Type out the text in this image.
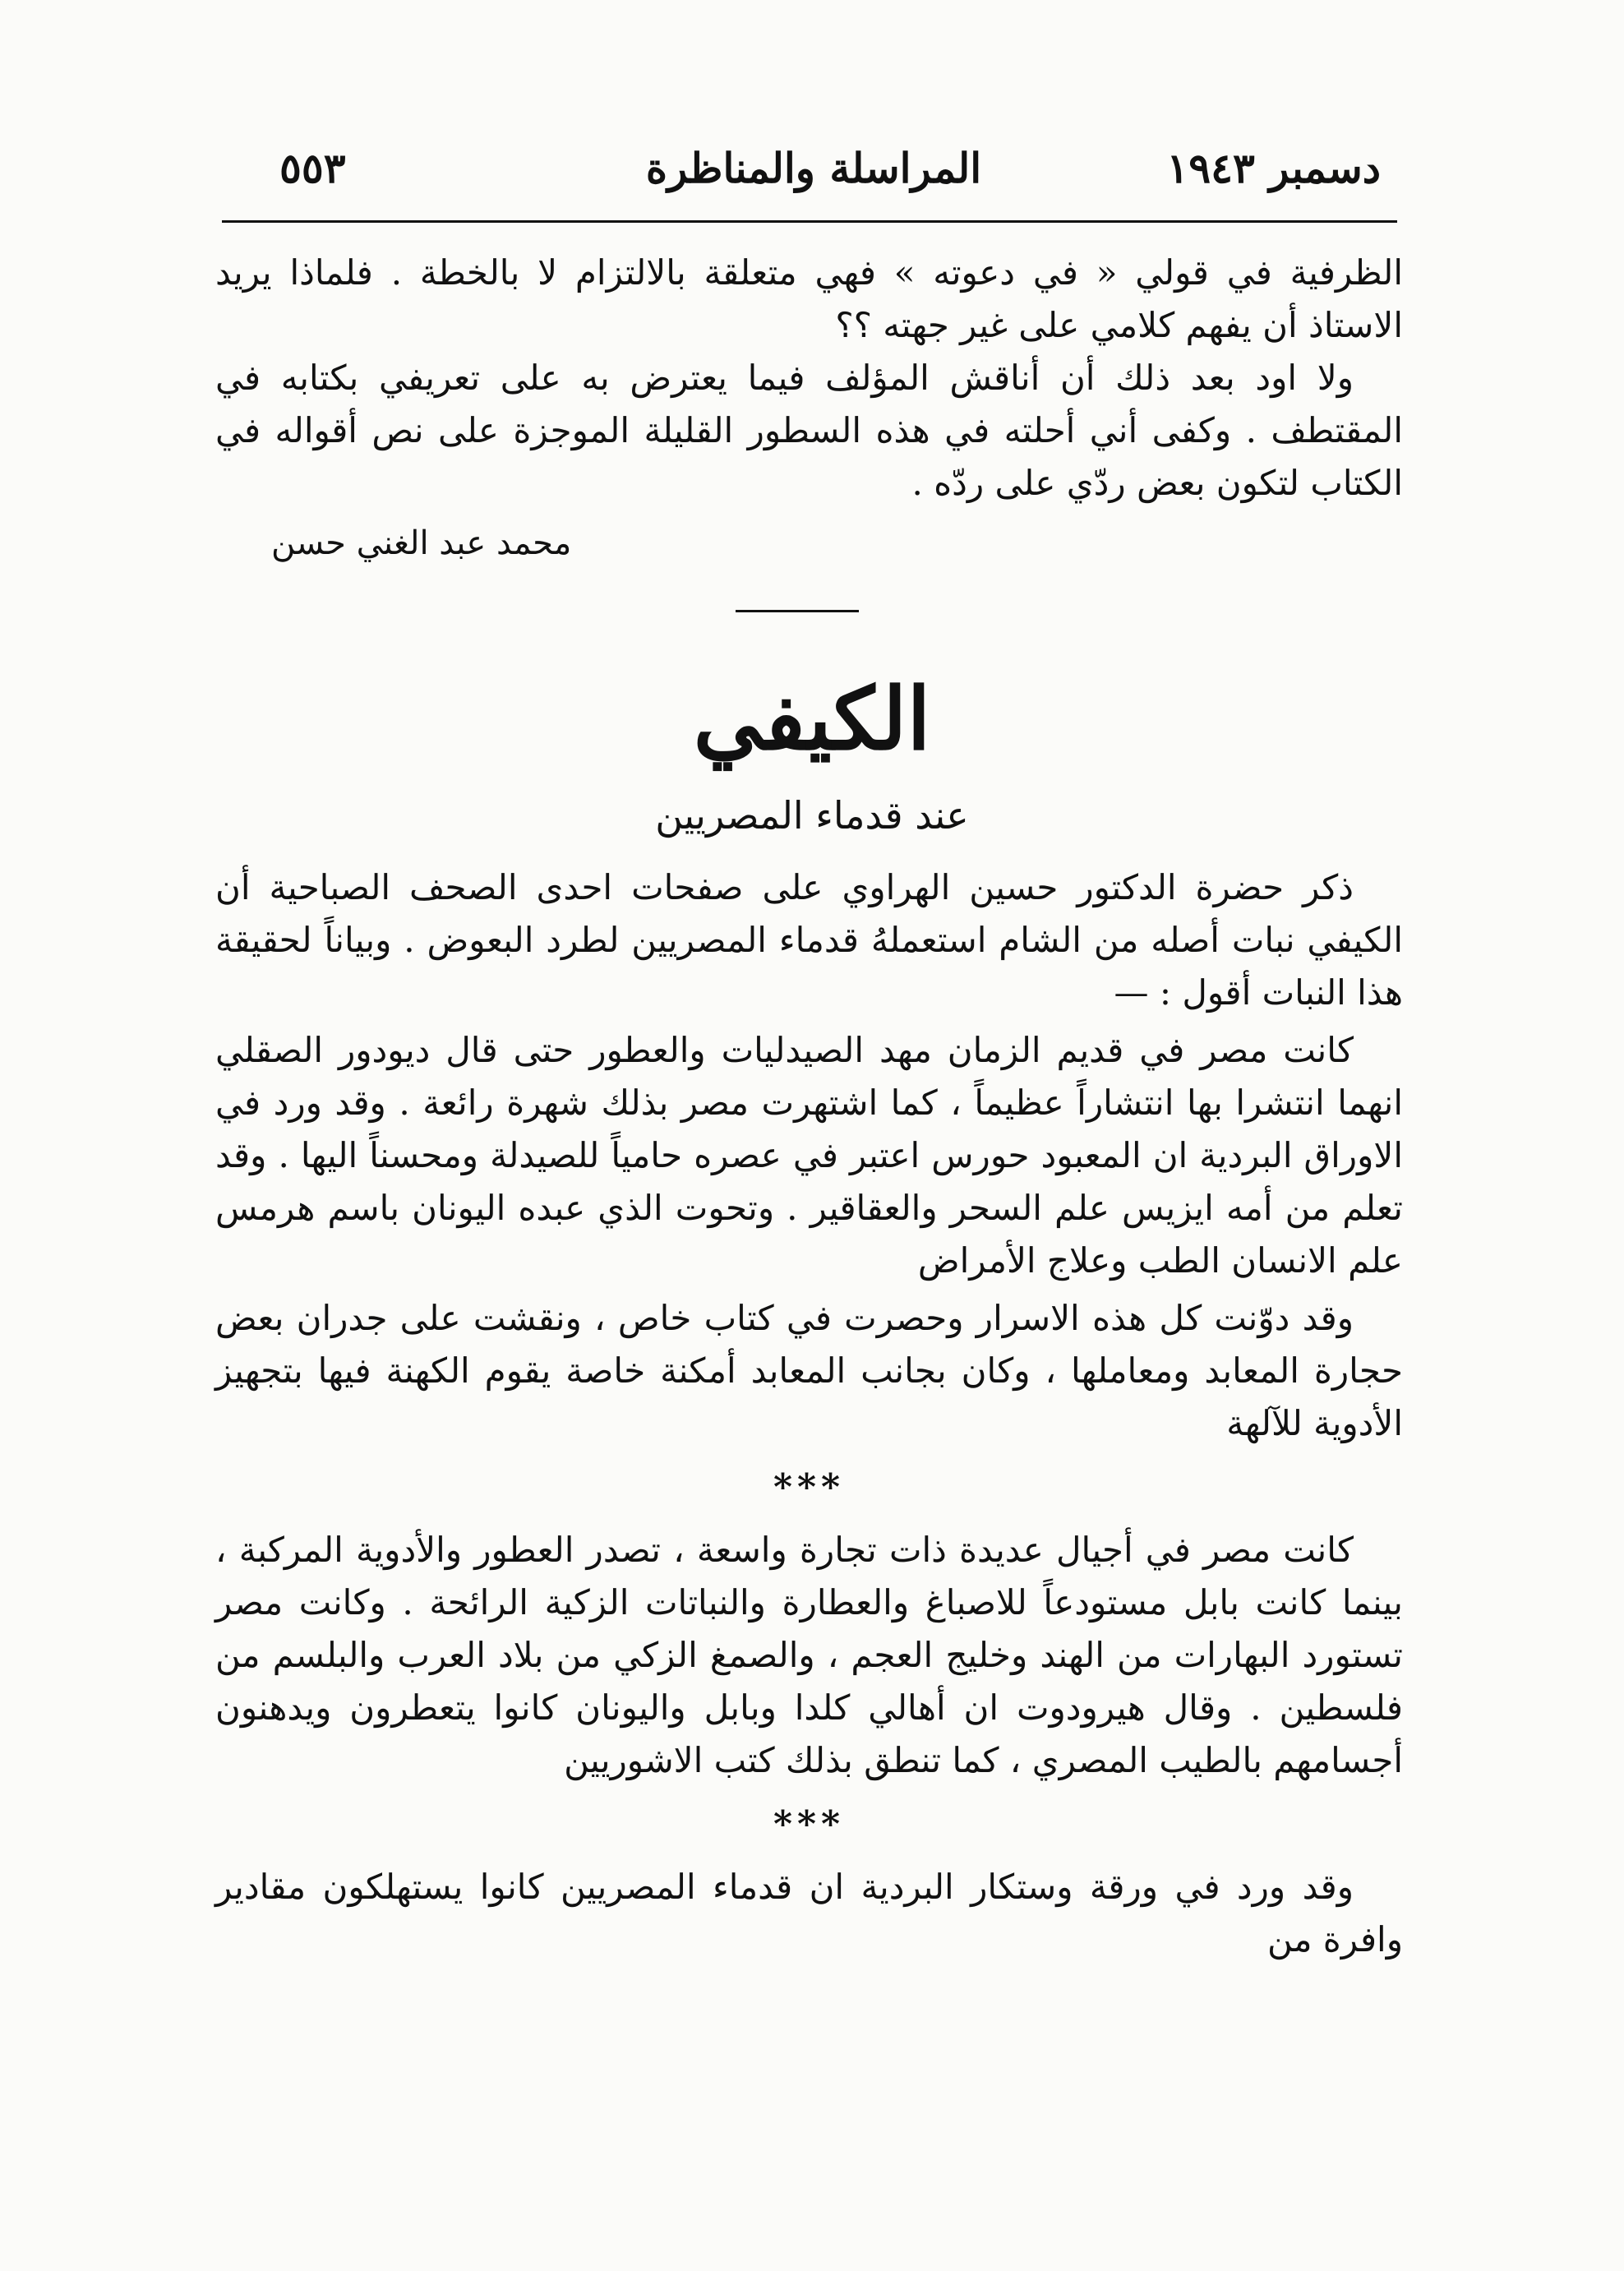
دسمبر ١٩٤٣
المراسلة والمناظرة
٥٥٣

الظرفية في قولي « في دعوته » فهي متعلقة بالالتزام لا بالخطة . فلماذا يريد الاستاذ أن يفهم كلامي على غير جهته ؟؟

ولا اود بعد ذلك أن أناقش المؤلف فيما يعترض به على تعريفي بكتابه في المقتطف . وكفى أني أحلته في هذه السطور القليلة الموجزة على نص أقواله في الكتاب لتكون بعض ردّي على ردّه .

محمد عبد الغني حسن
الكيفي
عند قدماء المصريين

ذكر حضرة الدكتور حسين الهراوي على صفحات احدى الصحف الصباحية أن الكيفي نبات أصله من الشام استعملهُ قدماء المصريين لطرد البعوض . وبياناً لحقيقة هذا النبات أقول : —

كانت مصر في قديم الزمان مهد الصيدليات والعطور حتى قال ديودور الصقلي انهما انتشرا بها انتشاراً عظيماً ، كما اشتهرت مصر بذلك شهرة رائعة . وقد ورد في الاوراق البردية ان المعبود حورس اعتبر في عصره حامياً للصيدلة ومحسناً اليها . وقد تعلم من أمه ايزيس علم السحر والعقاقير . وتحوت الذي عبده اليونان باسم هرمس علم الانسان الطب وعلاج الأمراض

وقد دوّنت كل هذه الاسرار وحصرت في كتاب خاص ، ونقشت على جدران بعض حجارة المعابد ومعاملها ، وكان بجانب المعابد أمكنة خاصة يقوم الكهنة فيها بتجهيز الأدوية للآلهة

***

كانت مصر في أجيال عديدة ذات تجارة واسعة ، تصدر العطور والأدوية المركبة ، بينما كانت بابل مستودعاً للاصباغ والعطارة والنباتات الزكية الرائحة . وكانت مصر تستورد البهارات من الهند وخليج العجم ، والصمغ الزكي من بلاد العرب والبلسم من فلسطين . وقال هيرودوت ان أهالي كلدا وبابل واليونان كانوا يتعطرون ويدهنون أجسامهم بالطيب المصري ، كما تنطق بذلك كتب الاشوريين

***

وقد ورد في ورقة وستكار البردية ان قدماء المصريين كانوا يستهلكون مقادير وافرة من
